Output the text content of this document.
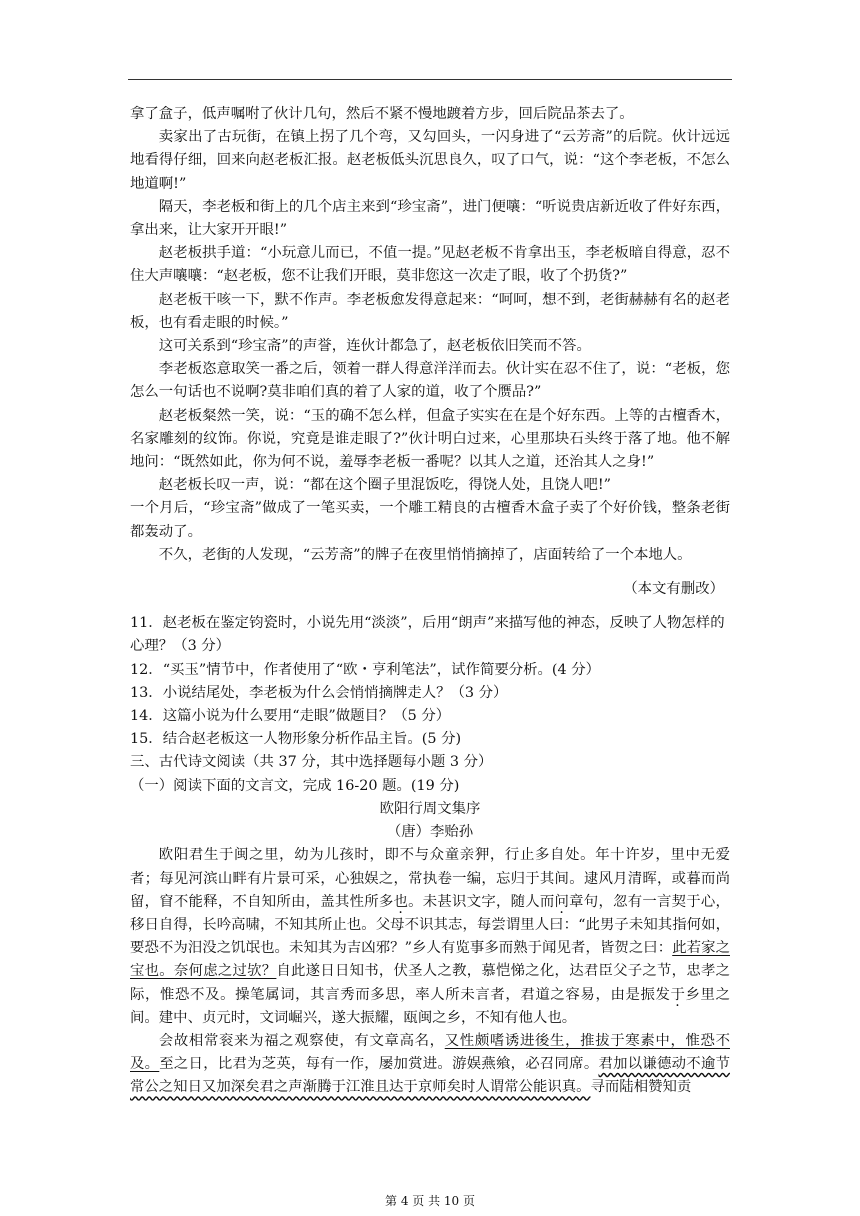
拿了盒子，低声嘱咐了伙计几句，然后不紧不慢地踱着方步，回后院品茶去了。

卖家出了古玩街，在镇上拐了几个弯，又勾回头，一闪身进了“云芳斋”的后院。伙计远远地看得仔细，回来向赵老板汇报。赵老板低头沉思良久，叹了口气，说：“这个李老板，不怎么地道啊!”

隔天，李老板和街上的几个店主来到“珍宝斋”，进门便嚷：“听说贵店新近收了件好东西，拿出来，让大家开开眼!”

赵老板拱手道：“小玩意儿而已，不值一提。”见赵老板不肯拿出玉，李老板暗自得意，忍不住大声嚷嚷：“赵老板，您不让我们开眼，莫非您这一次走了眼，收了个扔货?”

赵老板干咳一下，默不作声。李老板愈发得意起来：“呵呵，想不到，老街赫赫有名的赵老板，也有看走眼的时候。”

这可关系到“珍宝斋”的声誉，连伙计都急了，赵老板依旧笑而不答。

李老板恣意取笑一番之后，领着一群人得意洋洋而去。伙计实在忍不住了，说：“老板，您怎么一句话也不说啊?莫非咱们真的着了人家的道，收了个赝品?”

赵老板粲然一笑，说：“玉的确不怎么样，但盒子实实在在是个好东西。上等的古檀香木，名家雕刻的纹饰。你说，究竟是谁走眼了?”伙计明白过来，心里那块石头终于落了地。他不解地问：“既然如此，你为何不说，羞辱李老板一番呢？以其人之道，还治其人之身!”

赵老板长叹一声，说：“都在这个圈子里混饭吃，得饶人处，且饶人吧!”

一个月后，“珍宝斋”做成了一笔买卖，一个雕工精良的古檀香木盒子卖了个好价钱，整条老街都轰动了。

不久，老街的人发现，“云芳斋”的牌子在夜里悄悄摘掉了，店面转给了一个本地人。

（本文有删改）

11．赵老板在鉴定钧瓷时，小说先用“淡淡”，后用“朗声”来描写他的神态，反映了人物怎样的心理？（3 分）

12．“买玉”情节中，作者使用了“欧・亨利笔法”，试作简要分析。(4 分）

13．小说结尾处，李老板为什么会悄悄摘牌走人？（3 分）

14．这篇小说为什么要用“走眼”做题目？（5 分）

15．结合赵老板这一人物形象分析作品主旨。(5 分)

三、古代诗文阅读（共 37 分，其中选择题每小题 3 分）

（一）阅读下面的文言文，完成 16-20 题。(19 分)

欧阳行周文集序

（唐）李贻孙

欧阳君生于闽之里，幼为儿孩时，即不与众童亲狎，行止多自处。年十许岁，里中无爱者；每见河滨山畔有片景可采，心独娱之，常执卷一编，忘归于其间。逮风月清晖，或暮而尚留，窅不能释，不自知所由，盖其性所多也。未甚识文字，随人而问章句，忽有一言契于心，移日自得，长吟高啸，不知其所止也。父母不识其志，每尝谓里人曰：“此男子未知其指何如，要恐不为汨没之饥氓也。未知其为吉凶邪？”乡人有览事多而熟于闻见者，皆贺之曰：此若家之宝也。奈何虑之过欤？自此遂日日知书，伏圣人之教，慕恺悌之化，达君臣父子之节，忠孝之际，惟恐不及。操笔属词，其言秀而多思，率人所未言者，君道之容易，由是振发于乡里之间。建中、贞元时，文词崛兴，遂大振耀，瓯闽之乡，不知有他人也。

会故相常衮来为福之观察使，有文章高名，又性颇嗜诱进後生，推拔于寒素中，惟恐不及。至之日，比君为芝英，每有一作，屡加赏进。游娱燕飨，必召同席。君加以谦德动不逾节常公之知日又加深矣君之声渐腾于江淮且达于京师矣时人谓常公能识真。寻而陆相赞知贡

第 4 页 共 10 页
